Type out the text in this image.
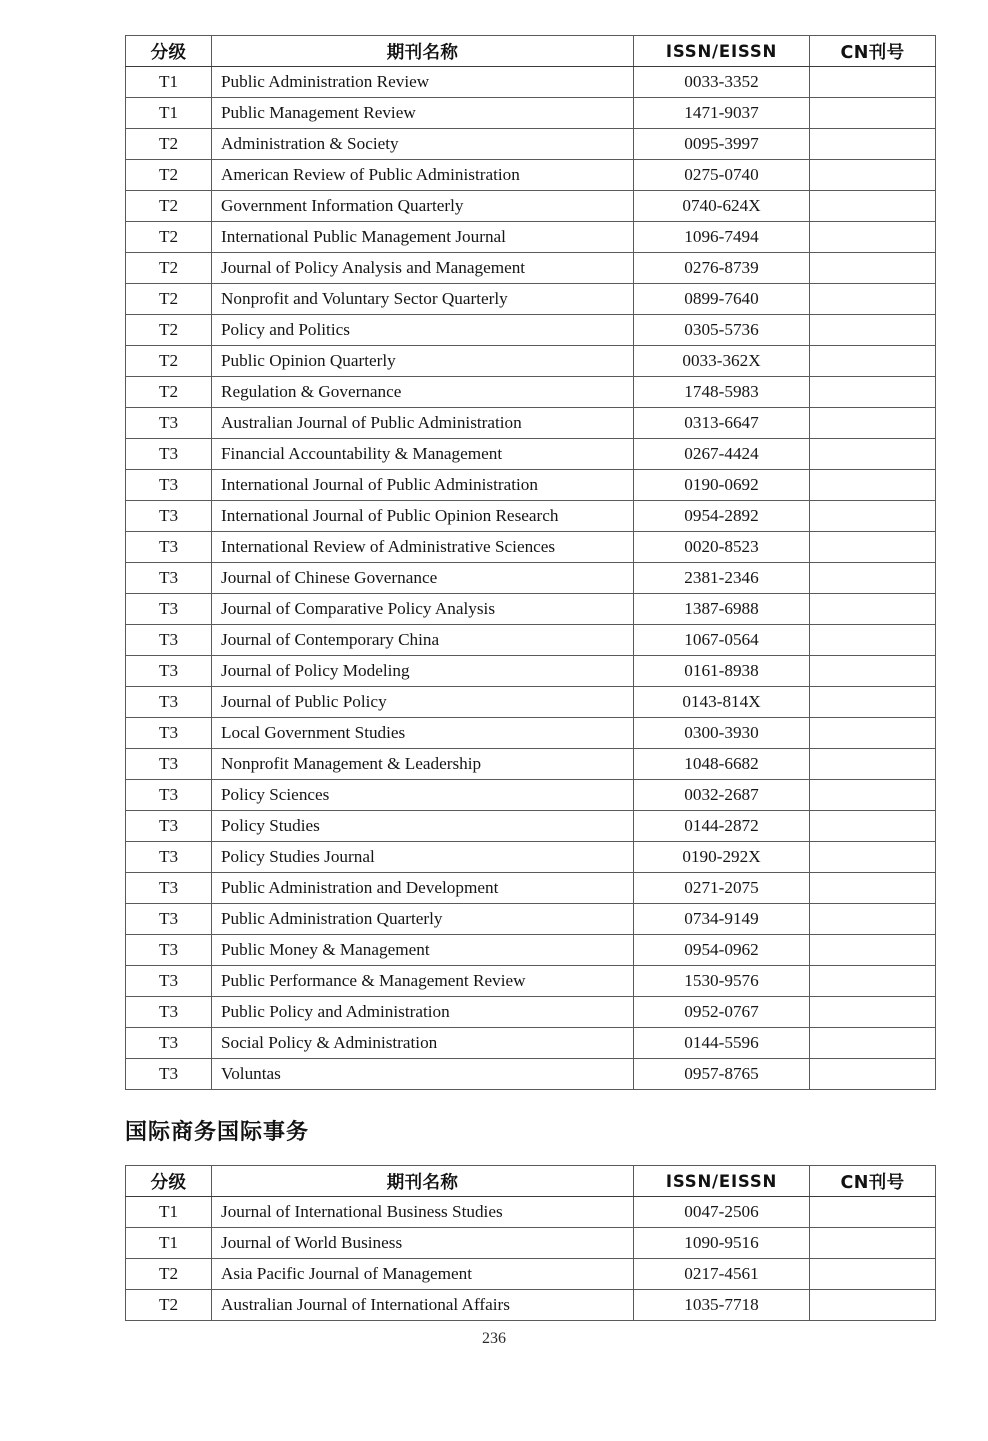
分级	期刊名称	ISSN/EISSN	CN刊号
T1	Public Administration Review	0033-3352	
T1	Public Management Review	1471-9037	
T2	Administration & Society	0095-3997	
T2	American Review of Public Administration	0275-0740	
T2	Government Information Quarterly	0740-624X	
T2	International Public Management Journal	1096-7494	
T2	Journal of Policy Analysis and Management	0276-8739	
T2	Nonprofit and Voluntary Sector Quarterly	0899-7640	
T2	Policy and Politics	0305-5736	
T2	Public Opinion Quarterly	0033-362X	
T2	Regulation & Governance	1748-5983	
T3	Australian Journal of Public Administration	0313-6647	
T3	Financial Accountability & Management	0267-4424	
T3	International Journal of Public Administration	0190-0692	
T3	International Journal of Public Opinion Research	0954-2892	
T3	International Review of Administrative Sciences	0020-8523	
T3	Journal of Chinese Governance	2381-2346	
T3	Journal of Comparative Policy Analysis	1387-6988	
T3	Journal of Contemporary China	1067-0564	
T3	Journal of Policy Modeling	0161-8938	
T3	Journal of Public Policy	0143-814X	
T3	Local Government Studies	0300-3930	
T3	Nonprofit Management & Leadership	1048-6682	
T3	Policy Sciences	0032-2687	
T3	Policy Studies	0144-2872	
T3	Policy Studies Journal	0190-292X	
T3	Public Administration and Development	0271-2075	
T3	Public Administration Quarterly	0734-9149	
T3	Public Money & Management	0954-0962	
T3	Public Performance & Management Review	1530-9576	
T3	Public Policy and Administration	0952-0767	
T3	Social Policy & Administration	0144-5596	
T3	Voluntas	0957-8765	
国际商务国际事务
分级	期刊名称	ISSN/EISSN	CN刊号
T1	Journal of International Business Studies	0047-2506	
T1	Journal of World Business	1090-9516	
T2	Asia Pacific Journal of Management	0217-4561	
T2	Australian Journal of International Affairs	1035-7718	
236
